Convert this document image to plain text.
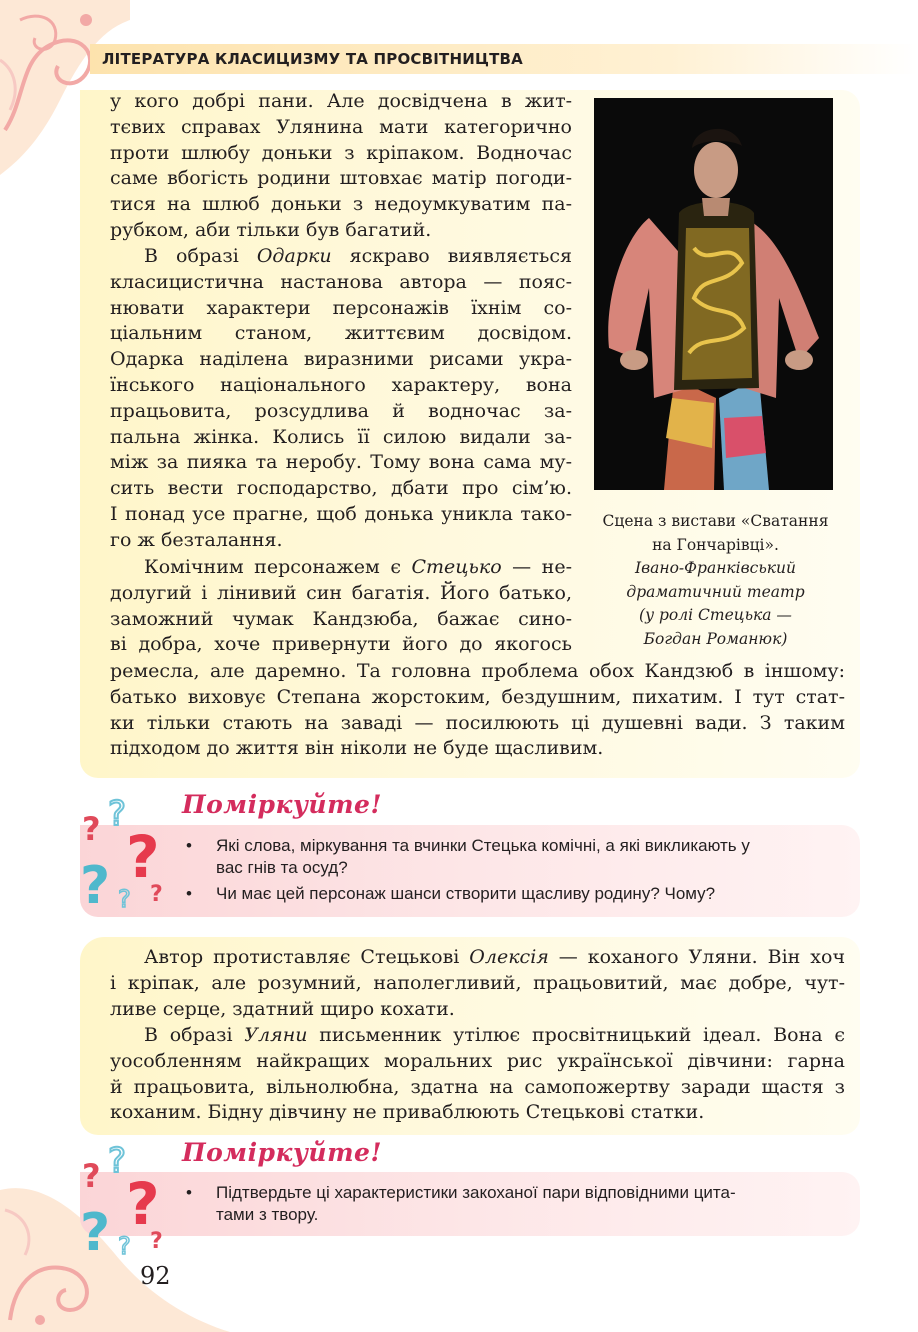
ЛІТЕРАТУРА КЛАСИЦИЗМУ ТА ПРОСВІТНИЦТВА
у кого добрі пани. Але досвідчена в жит-
тєвих справах Улянина мати категорично
проти шлюбу доньки з кріпаком. Водночас
саме вбогість родини штовхає матір погоди-
тися на шлюб доньки з недоумкуватим па-
рубком, аби тільки був багатий.
В образі Одарки яскраво виявляється
класицистична настанова автора — пояс-
нювати характери персонажів їхнім со-
ціальним станом, життєвим досвідом.
Одарка наділена виразними рисами укра-
їнського національного характеру, вона
працьовита, розсудлива й водночас за-
пальна жінка. Колись її силою видали за-
між за пияка та неробу. Тому вона сама му-
сить вести господарство, дбати про сім’ю.
І понад усе прагне, щоб донька уникла тако-
го ж безталання.
Комічним персонажем є Стецько — не-
долугий і лінивий син багатія. Його батько,
заможний чумак Кандзюба, бажає сино-
ві добра, хоче привернути його до якогось
ремесла, але даремно. Та головна проблема обох Кандзюб в іншому:
батько виховує Степана жорстоким, бездушним, пихатим. І тут стат-
ки тільки стають на заваді — посилюють ці душевні вади. З таким
підходом до життя він ніколи не буде щасливим.
Сцена з вистави «Сватання
на Гончарівці».
Івано-Франківський
драматичний театр
(у ролі Стецька —
Богдан Романюк)
Поміркуйте!
? ?
?
? ? ?
• Які слова, міркування та вчинки Стецька комічні, а які викликають у
вас гнів та осуд?
• Чи має цей персонаж шанси створити щасливу родину? Чому?
Автор протиставляє Стецькові Олексія — коханого Уляни. Він хоч
і кріпак, але розумний, наполегливий, працьовитий, має добре, чут-
ливе серце, здатний щиро кохати.
В образі Уляни письменник утілює просвітницький ідеал. Вона є
уособленням найкращих моральних рис української дівчини: гарна
й працьовита, вільнолюбна, здатна на самопожертву заради щастя з
коханим. Бідну дівчину не приваблюють Стецькові статки.
Поміркуйте!
? ?
?
? ? ?
• Підтвердьте ці характеристики закоханої пари відповідними цита-
тами з твору.
92
